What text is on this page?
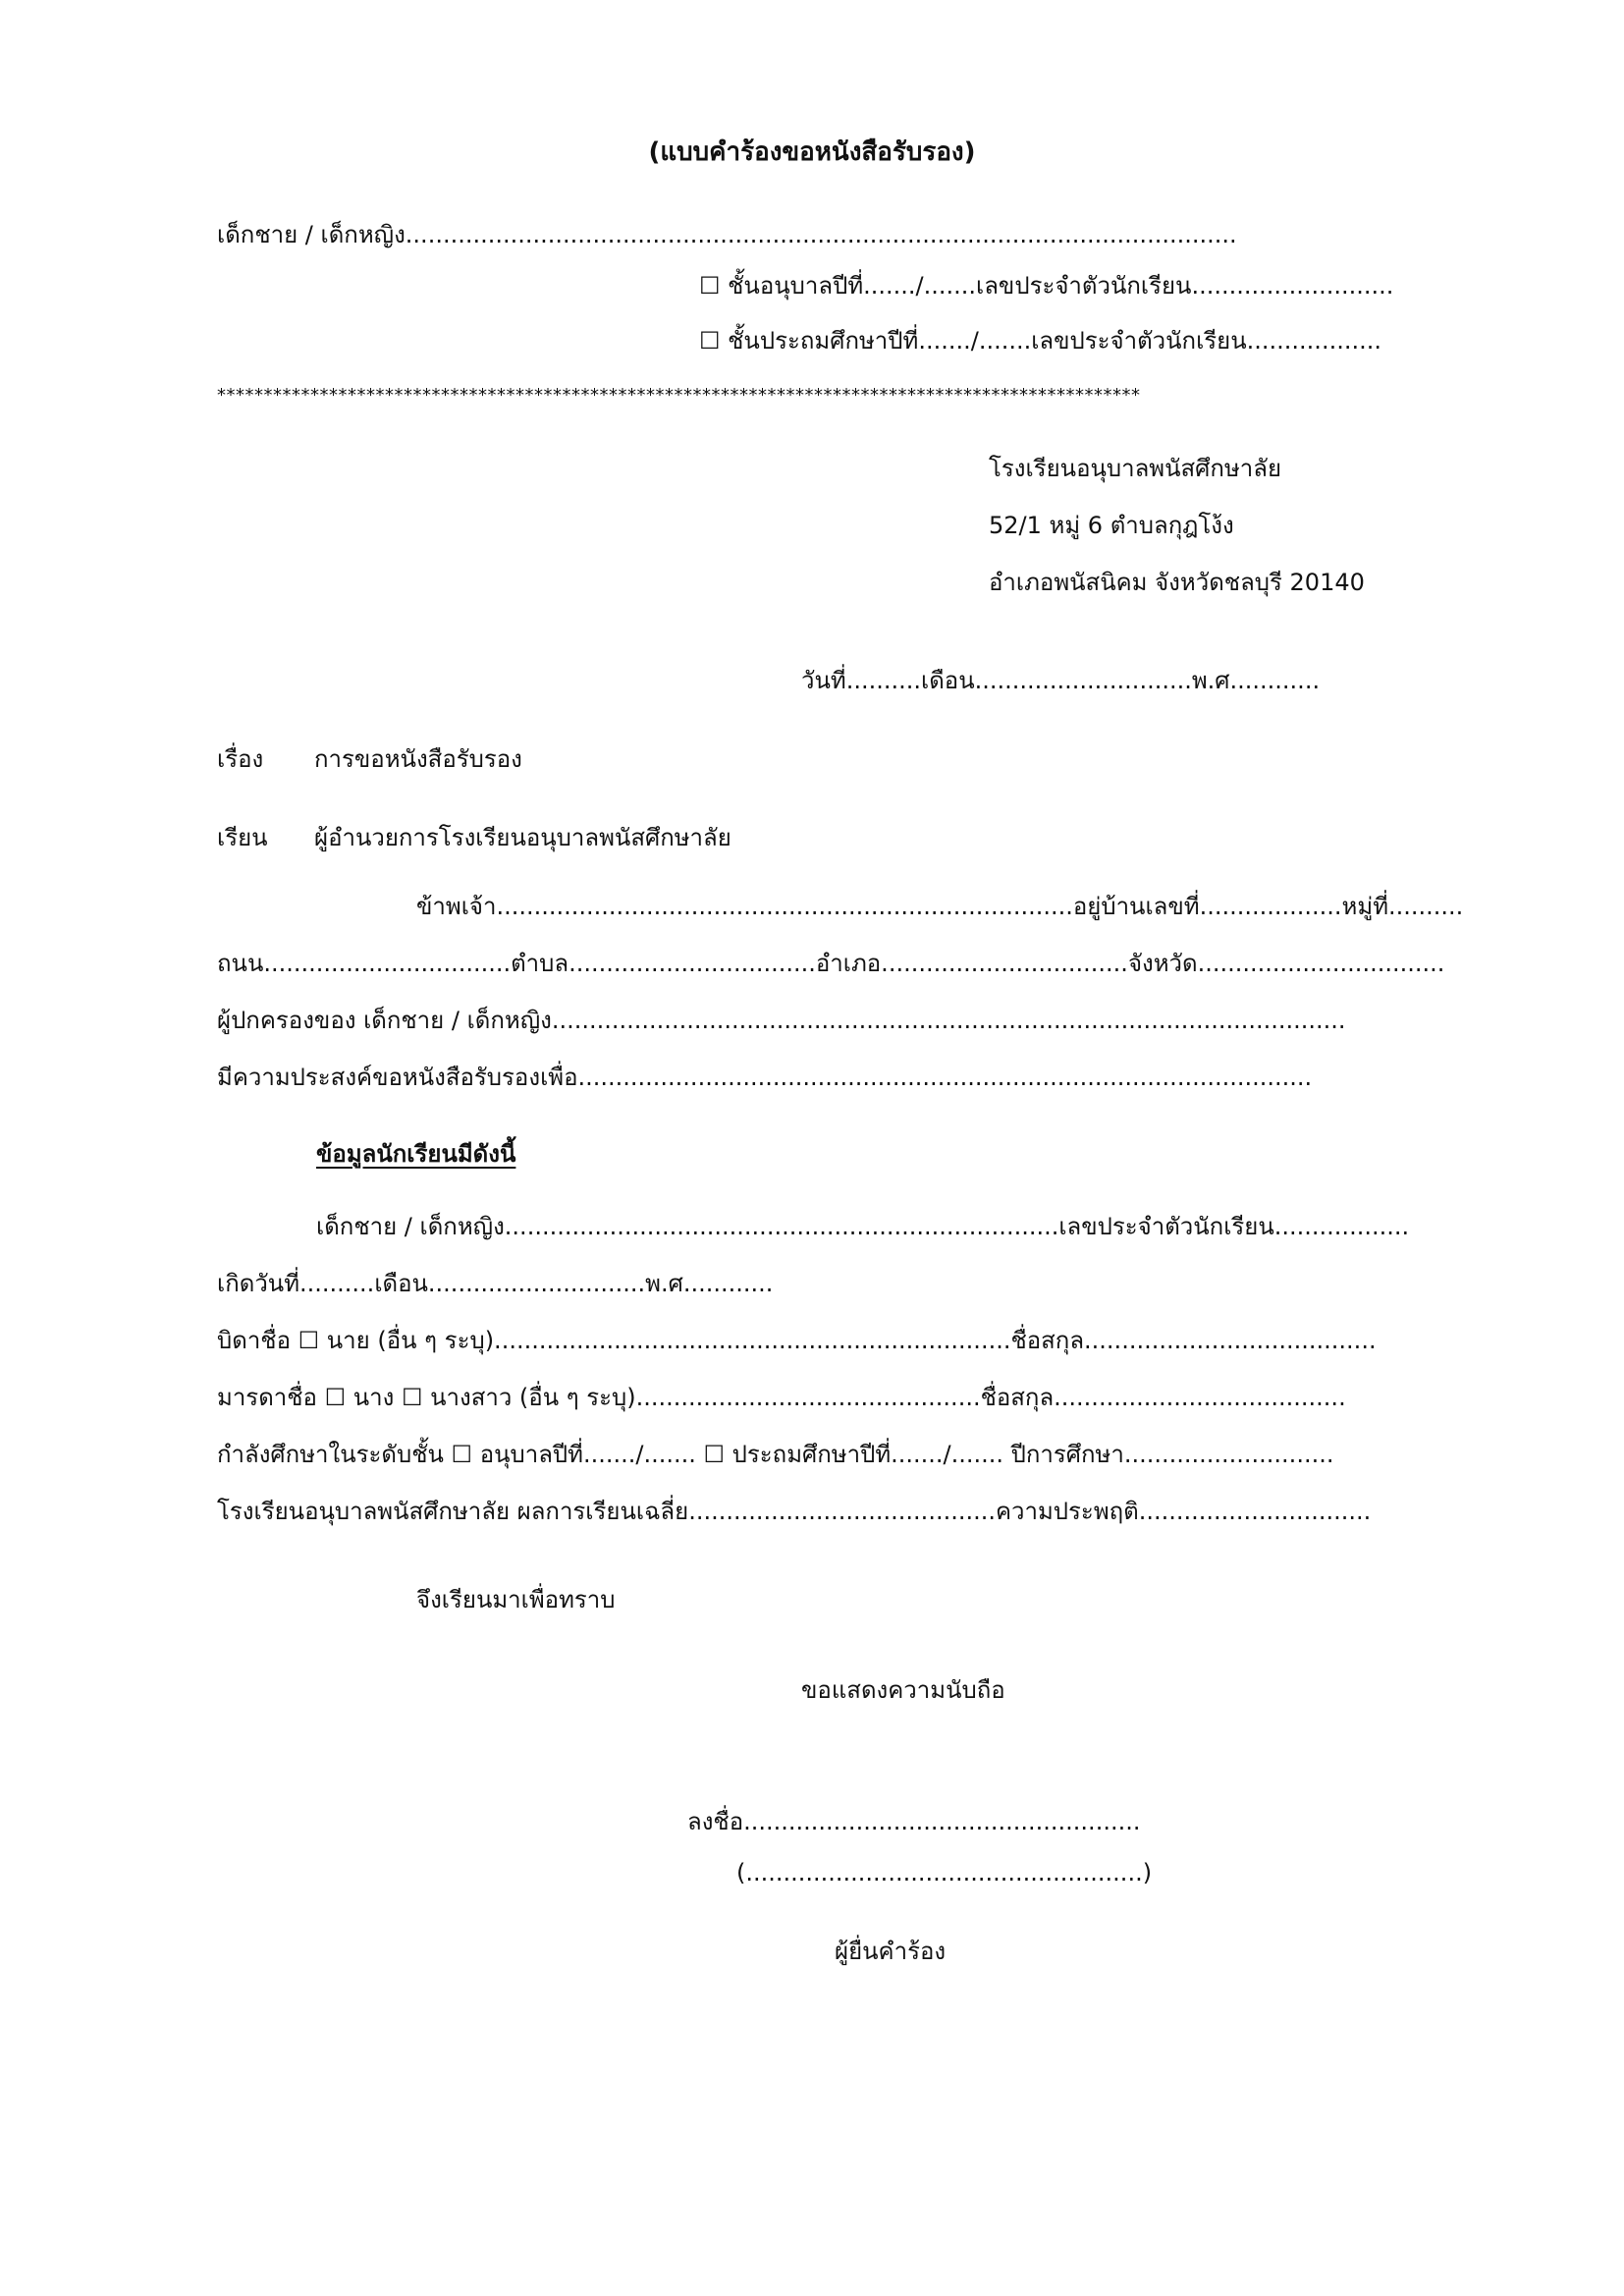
(แบบคำร้องขอหนังสือรับรอง)
เด็กชาย / เด็กหญิง...............................................................................................................
☐ ชั้นอนุบาลปีที่......./.......เลขประจำตัวนักเรียน...........................
☐ ชั้นประถมศึกษาปีที่......./.......เลขประจำตัวนักเรียน..................
***************************************************************************************************
โรงเรียนอนุบาลพนัสศึกษาลัย
52/1 หมู่ 6 ตำบลกุฎโง้ง
อำเภอพนัสนิคม จังหวัดชลบุรี 20140
วันที่..........เดือน.............................พ.ศ............
เรื่อง การขอหนังสือรับรอง
เรียน ผู้อำนวยการโรงเรียนอนุบาลพนัสศึกษาลัย
ข้าพเจ้า.............................................................................อยู่บ้านเลขที่...................หมู่ที่..........
ถนน.................................ตำบล.................................อำเภอ.................................จังหวัด.................................
ผู้ปกครองของ เด็กชาย / เด็กหญิง..........................................................................................................
มีความประสงค์ขอหนังสือรับรองเพื่อ..................................................................................................
ข้อมูลนักเรียนมีดังนี้
เด็กชาย / เด็กหญิง..........................................................................เลขประจำตัวนักเรียน..................
เกิดวันที่..........เดือน.............................พ.ศ............
บิดาชื่อ ☐ นาย (อื่น ๆ ระบุ).....................................................................ชื่อสกุล.......................................
มารดาชื่อ ☐ นาง ☐ นางสาว (อื่น ๆ ระบุ)..............................................ชื่อสกุล.......................................
กำลังศึกษาในระดับชั้น ☐ อนุบาลปีที่......./....... ☐ ประถมศึกษาปีที่......./....... ปีการศึกษา............................
โรงเรียนอนุบาลพนัสศึกษาลัย ผลการเรียนเฉลี่ย.........................................ความประพฤติ...............................
จึงเรียนมาเพื่อทราบ
ขอแสดงความนับถือ
ลงชื่อ.....................................................
(.....................................................)
ผู้ยื่นคำร้อง
